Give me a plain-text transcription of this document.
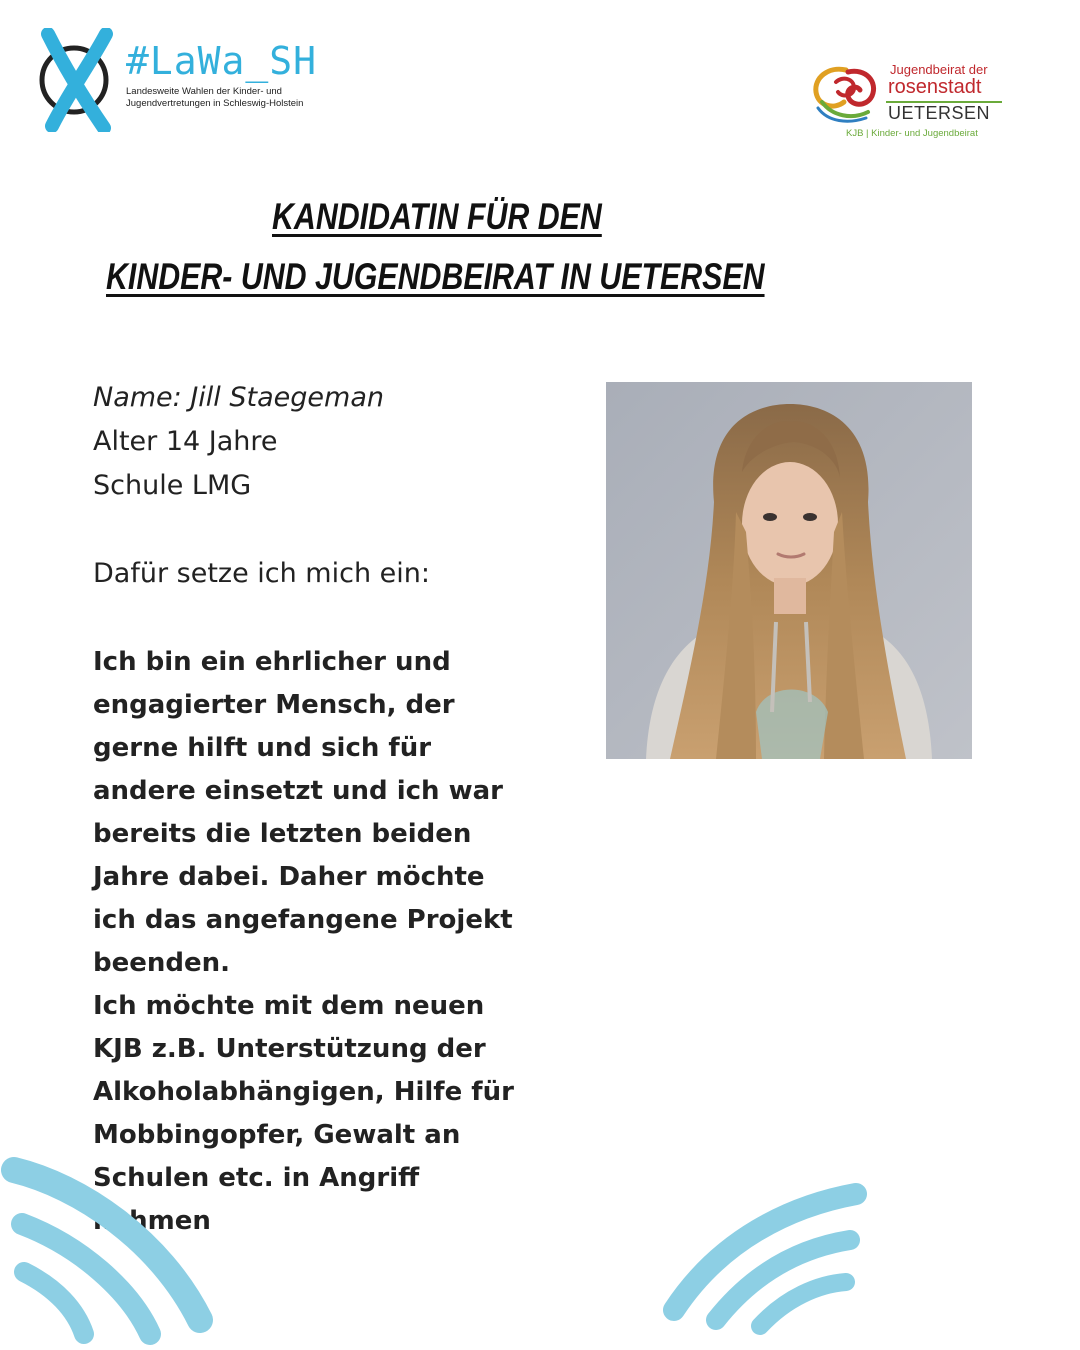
#LaWa_SH
Landesweite Wahlen der Kinder- und
Jugendvertretungen in Schleswig-Holstein
Jugendbeirat der
rosenstadt
UETERSEN
KJB | Kinder- und Jugendbeirat
KANDIDATIN FÜR DEN
KINDER- UND JUGENDBEIRAT IN UETERSEN
Name: Jill Staegeman
Alter 14 Jahre
Schule LMG
Dafür setze ich mich ein:

Ich bin ein ehrlicher und engagierter Mensch, der gerne hilft und sich für andere einsetzt und ich war bereits die letzten beiden Jahre dabei. Daher möchte ich das angefangene Projekt beenden.

Ich möchte mit dem neuen KJB z.B. Unterstützung der Alkoholabhängigen, Hilfe für Mobbingopfer, Gewalt an Schulen etc. in Angriff nehmen
